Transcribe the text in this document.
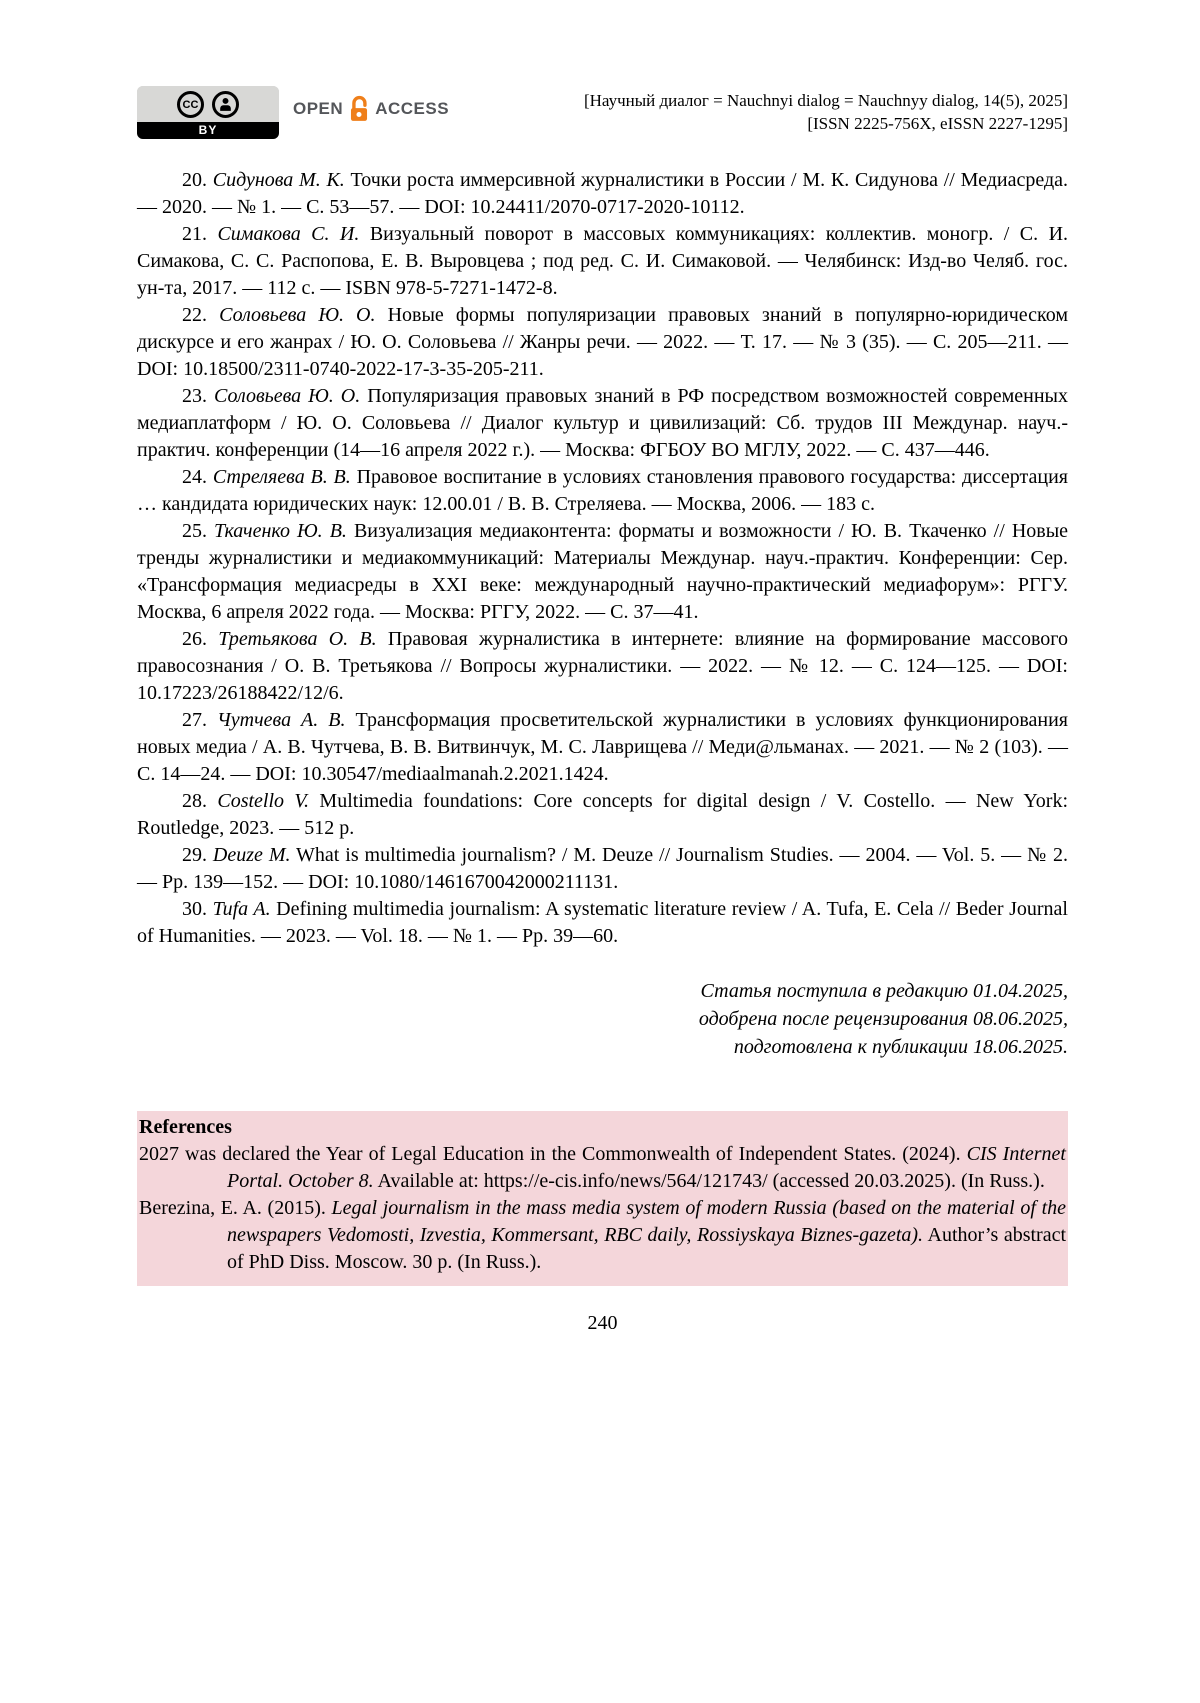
CC
BY
OPEN ACCESS	[Научный диалог = Nauchnyi dialog = Nauchnyy dialog, 14(5), 2025]
[ISSN 2225-756X, eISSN 2227-1295]

20. Сидунова М. К. Точки роста иммерсивной журналистики в России / М. К. Сидунова // Медиасреда. — 2020. — № 1. — С. 53—57. — DOI: 10.24411/2070-0717-2020-10112.

21. Симакова С. И. Визуальный поворот в массовых коммуникациях: коллектив. моногр. / С. И. Симакова, С. С. Распопова, Е. В. Выровцева ; под ред. С. И. Симаковой. — Челябинск: Изд-во Челяб. гос. ун-та, 2017. — 112 с. — ISBN 978-5-7271-1472-8.

22. Соловьева Ю. О. Новые формы популяризации правовых знаний в популярно-юридическом дискурсе и его жанрах / Ю. О. Соловьева // Жанры речи. — 2022. — Т. 17. — № 3 (35). — С. 205—211. — DOI: 10.18500/2311-0740-2022-17-3-35-205-211.

23. Соловьева Ю. О. Популяризация правовых знаний в РФ посредством возможностей современных медиаплатформ / Ю. О. Соловьева // Диалог культур и цивилизаций: Сб. трудов III Междунар. науч.-практич. конференции (14—16 апреля 2022 г.). — Москва: ФГБОУ ВО МГЛУ, 2022. — С. 437—446.

24. Стреляева В. В. Правовое воспитание в условиях становления правового государства: диссертация … кандидата юридических наук: 12.00.01 / В. В. Стреляева. — Москва, 2006. — 183 с.

25. Ткаченко Ю. В. Визуализация медиаконтента: форматы и возможности / Ю. В. Ткаченко // Новые тренды журналистики и медиакоммуникаций: Материалы Междунар. науч.-практич. Конференции: Сер. «Трансформация медиасреды в XXI веке: международный научно-практический медиафорум»: РГГУ. Москва, 6 апреля 2022 года. — Москва: РГГУ, 2022. — С. 37—41.

26. Третьякова О. В. Правовая журналистика в интернете: влияние на формирование массового правосознания / О. В. Третьякова // Вопросы журналистики. — 2022. — № 12. — С. 124—125. — DOI: 10.17223/26188422/12/6.

27. Чутчева А. В. Трансформация просветительской журналистики в условиях функционирования новых медиа / А. В. Чутчева, В. В. Витвинчук, М. С. Лаврищева // Меди@льманах. — 2021. — № 2 (103). — С. 14—24. — DOI: 10.30547/mediaalmanah.2.2021.1424.

28. Costello V. Multimedia foundations: Core concepts for digital design / V. Costello. — New York: Routledge, 2023. — 512 p.

29. Deuze M. What is multimedia journalism? / M. Deuze // Journalism Studies. — 2004. — Vol. 5. — № 2. — Pp. 139—152. — DOI: 10.1080/1461670042000211131.

30. Tufa A. Defining multimedia journalism: A systematic literature review / A. Tufa, E. Cela // Beder Journal of Humanities. — 2023. — Vol. 18. — № 1. — Pp. 39—60.

Статья поступила в редакцию 01.04.2025,

одобрена после рецензирования 08.06.2025,

подготовлена к публикации 18.06.2025.

References

2027 was declared the Year of Legal Education in the Commonwealth of Independent States. (2024). CIS Internet Portal. October 8. Available at: https://e-cis.info/news/564/121743/ (accessed 20.03.2025). (In Russ.).

Berezina, E. A. (2015). Legal journalism in the mass media system of modern Russia (based on the material of the newspapers Vedomosti, Izvestia, Kommersant, RBC daily, Rossiyskaya Biznes-gazeta). Author’s abstract of PhD Diss. Moscow. 30 p. (In Russ.).

240
